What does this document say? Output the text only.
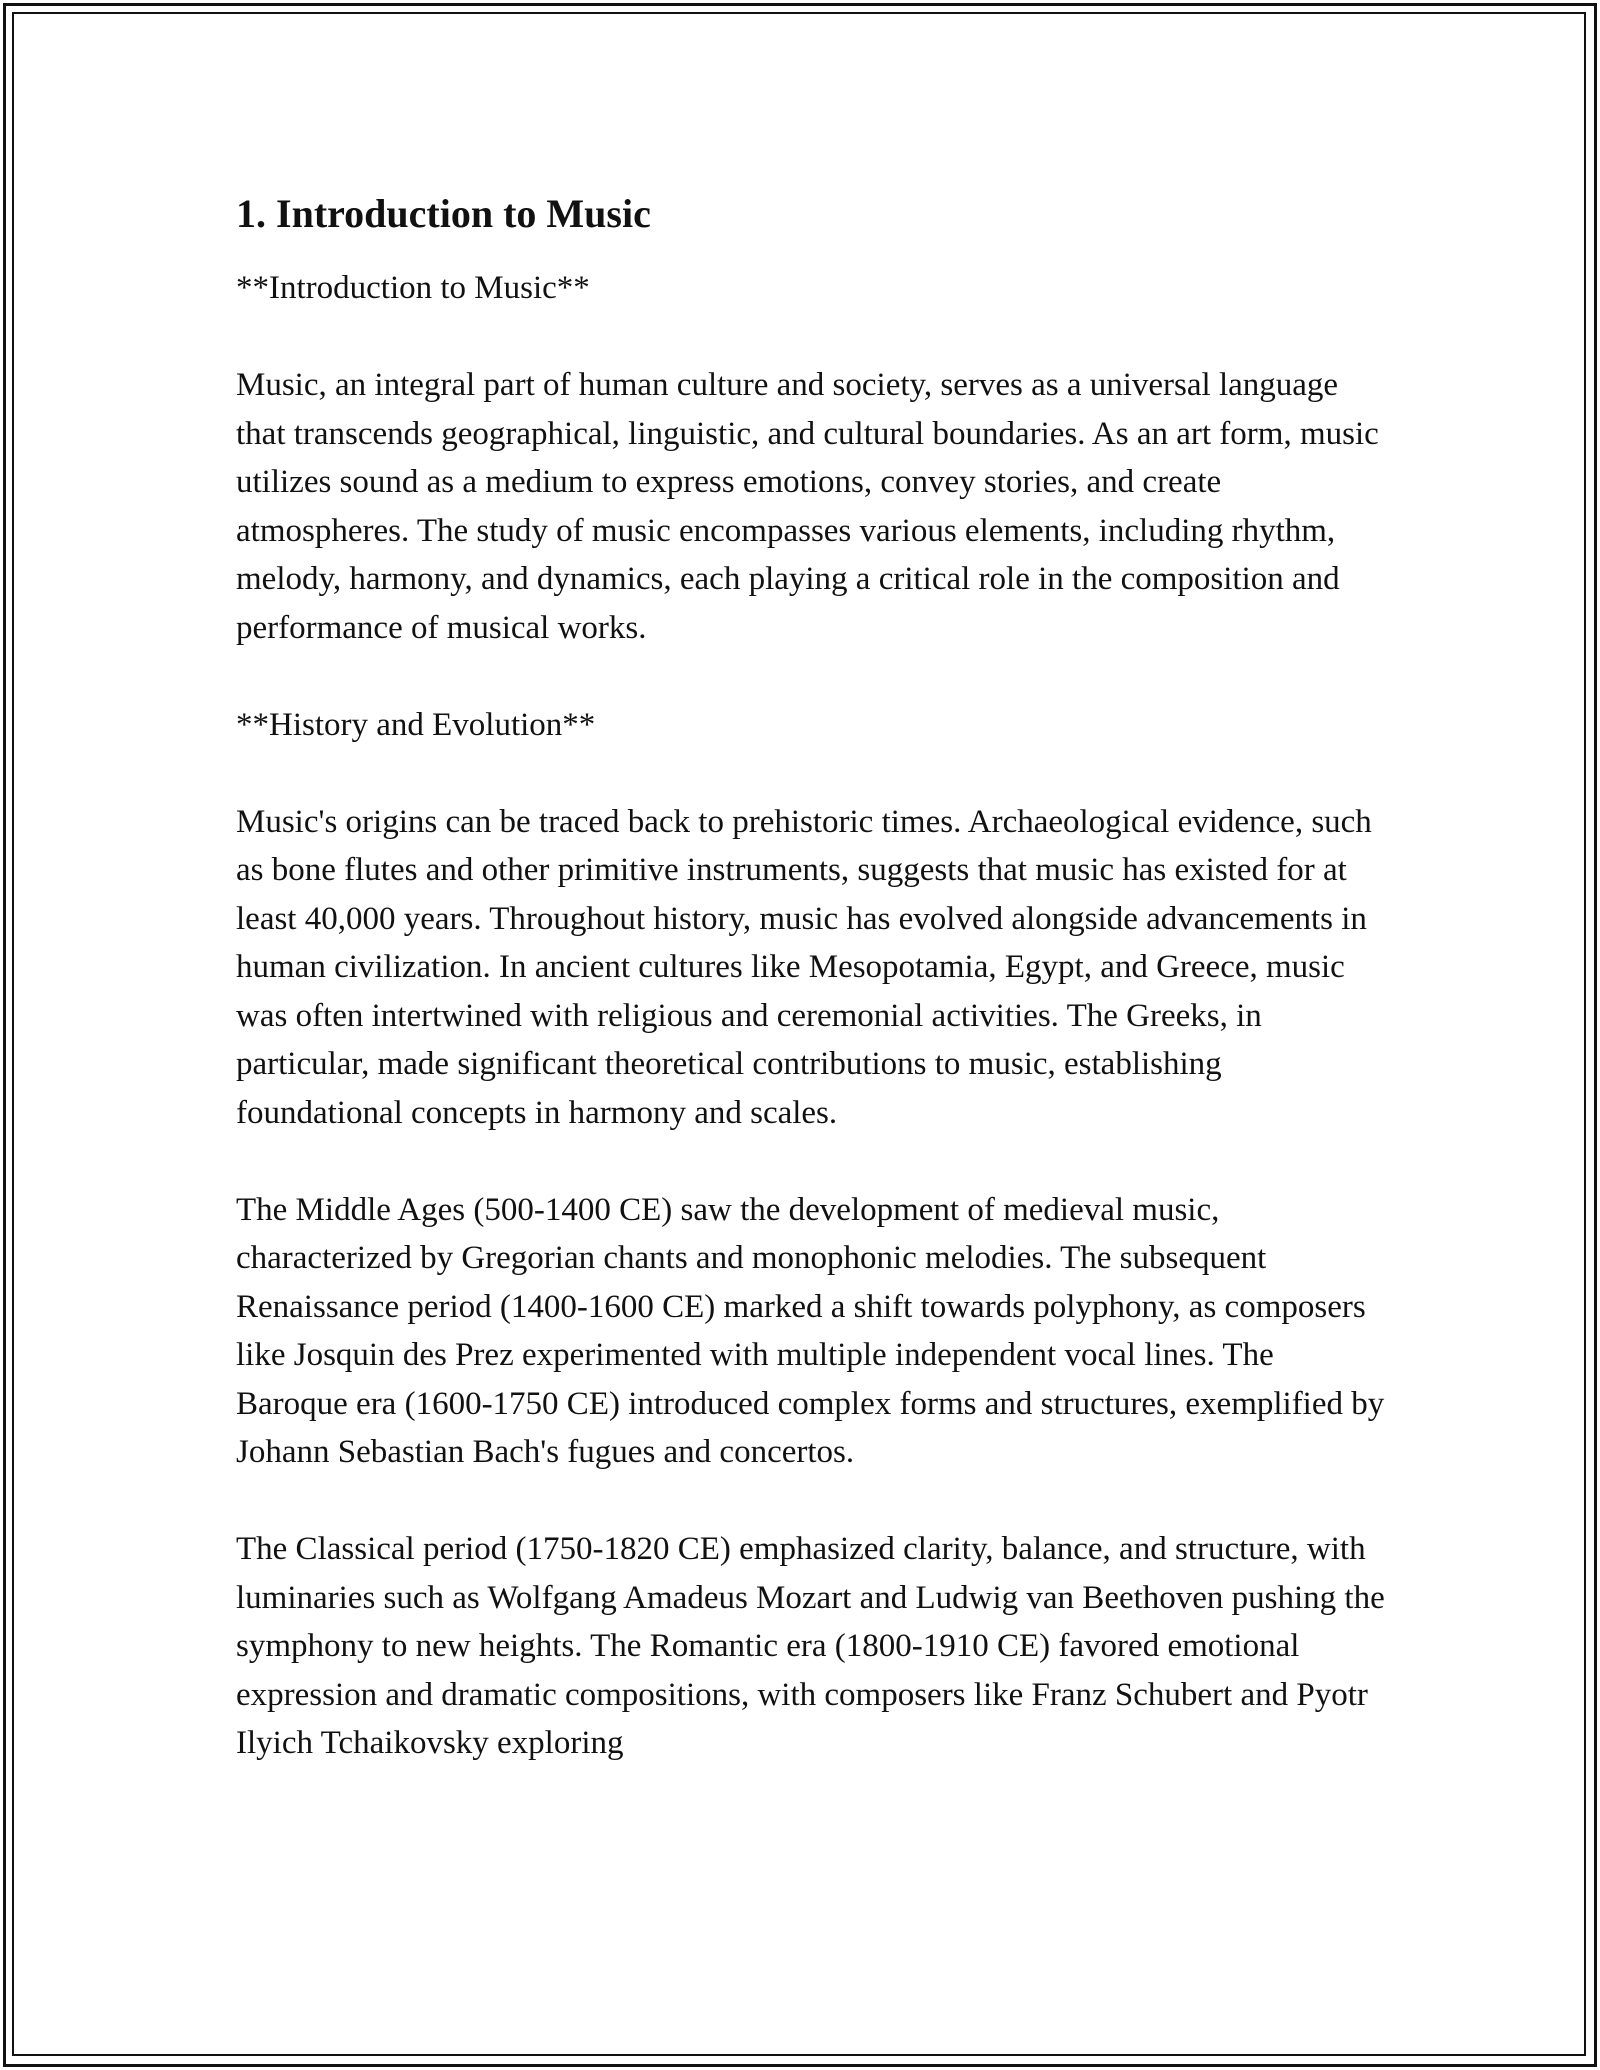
1. Introduction to Music
**Introduction to Music**

Music, an integral part of human culture and society, serves as a universal language that transcends geographical, linguistic, and cultural boundaries. As an art form, music utilizes sound as a medium to express emotions, convey stories, and create atmospheres. The study of music encompasses various elements, including rhythm, melody, harmony, and dynamics, each playing a critical role in the composition and performance of musical works.

**History and Evolution**

Music's origins can be traced back to prehistoric times. Archaeological evidence, such as bone flutes and other primitive instruments, suggests that music has existed for at least 40,000 years. Throughout history, music has evolved alongside advancements in human civilization. In ancient cultures like Mesopotamia, Egypt, and Greece, music was often intertwined with religious and ceremonial activities. The Greeks, in particular, made significant theoretical contributions to music, establishing foundational concepts in harmony and scales.

The Middle Ages (500-1400 CE) saw the development of medieval music, characterized by Gregorian chants and monophonic melodies. The subsequent Renaissance period (1400-1600 CE) marked a shift towards polyphony, as composers like Josquin des Prez experimented with multiple independent vocal lines. The Baroque era (1600-1750 CE) introduced complex forms and structures, exemplified by Johann Sebastian Bach's fugues and concertos.

The Classical period (1750-1820 CE) emphasized clarity, balance, and structure, with luminaries such as Wolfgang Amadeus Mozart and Ludwig van Beethoven pushing the symphony to new heights. The Romantic era (1800-1910 CE) favored emotional expression and dramatic compositions, with composers like Franz Schubert and Pyotr Ilyich Tchaikovsky exploring
